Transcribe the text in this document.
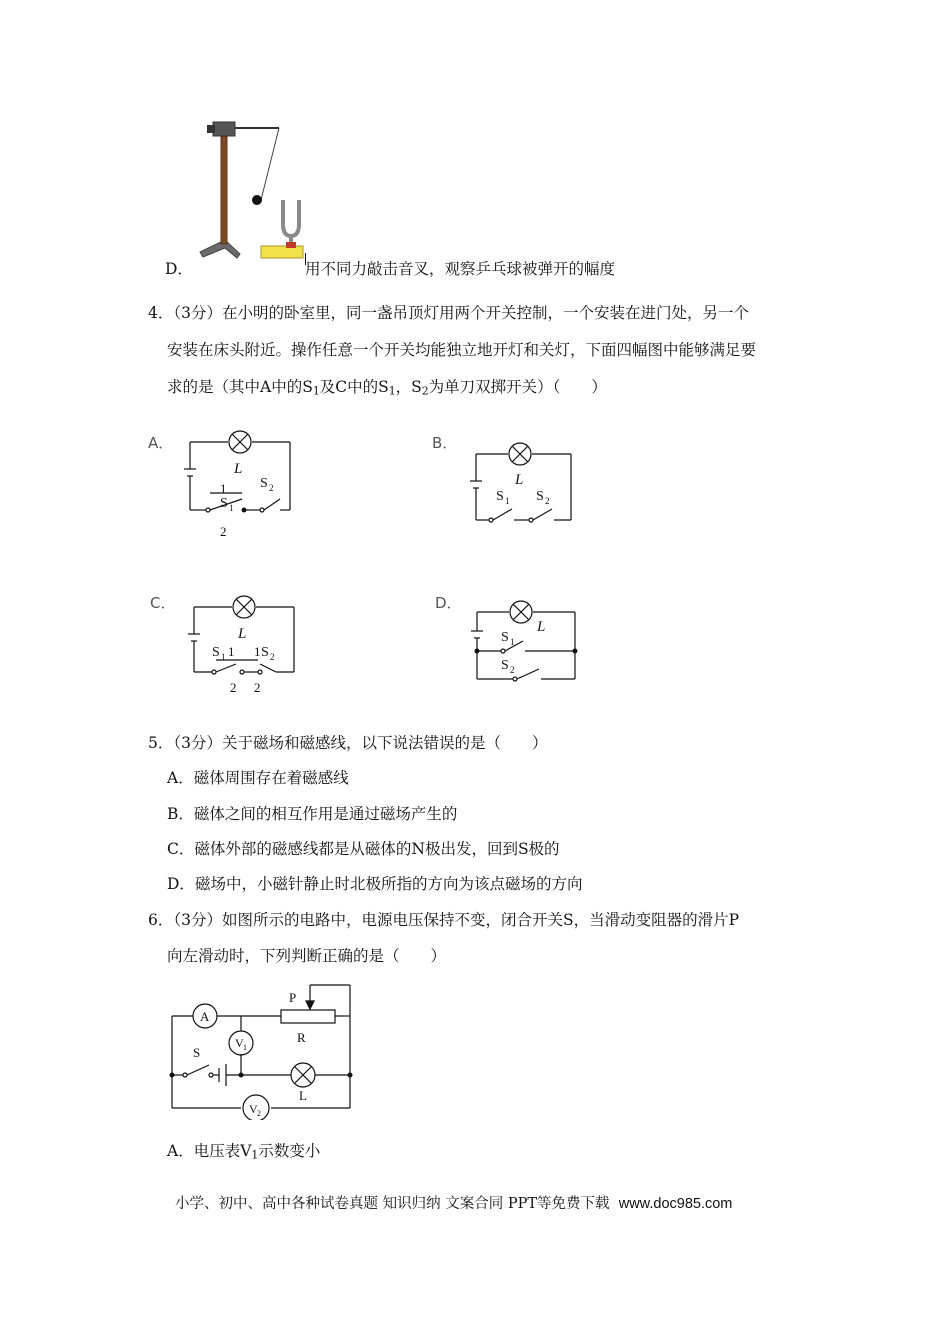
D．	用不同力敲击音叉，观察乒乓球被弹开的幅度
4．（3分）在小明的卧室里，同一盏吊顶灯用两个开关控制，一个安装在进门处，另一个
安装在床头附近。操作任意一个开关均能独立地开灯和关灯，下面四幅图中能够满足要
求的是（其中A中的$S_1$及C中的$S_1$，$S_2$为单刀双掷开关）（　　）
A．
L
1
S 1
2
S 2
B．
L
S 1 S 2
C．
L
S 1 1 1 S 2
2 2
D．
L
S 1
S 2
5．（3分）关于磁场和磁感线，以下说法错误的是（　　）
A．磁体周围存在着磁感线
B．磁体之间的相互作用是通过磁场产生的
C．磁体外部的磁感线都是从磁体的N极出发，回到S极的
D．磁场中，小磁针静止时北极所指的方向为该点磁场的方向
6．（3分）如图所示的电路中，电源电压保持不变，闭合开关S，当滑动变阻器的滑片P
向左滑动时，下列判断正确的是（　　）
A
V 1
V 2
P
R
S
L
A．电压表$V_1$示数变小
小学、初中、高中各种试卷真题 知识归纳 文案合同 PPT等免费下载 www.doc985.com
